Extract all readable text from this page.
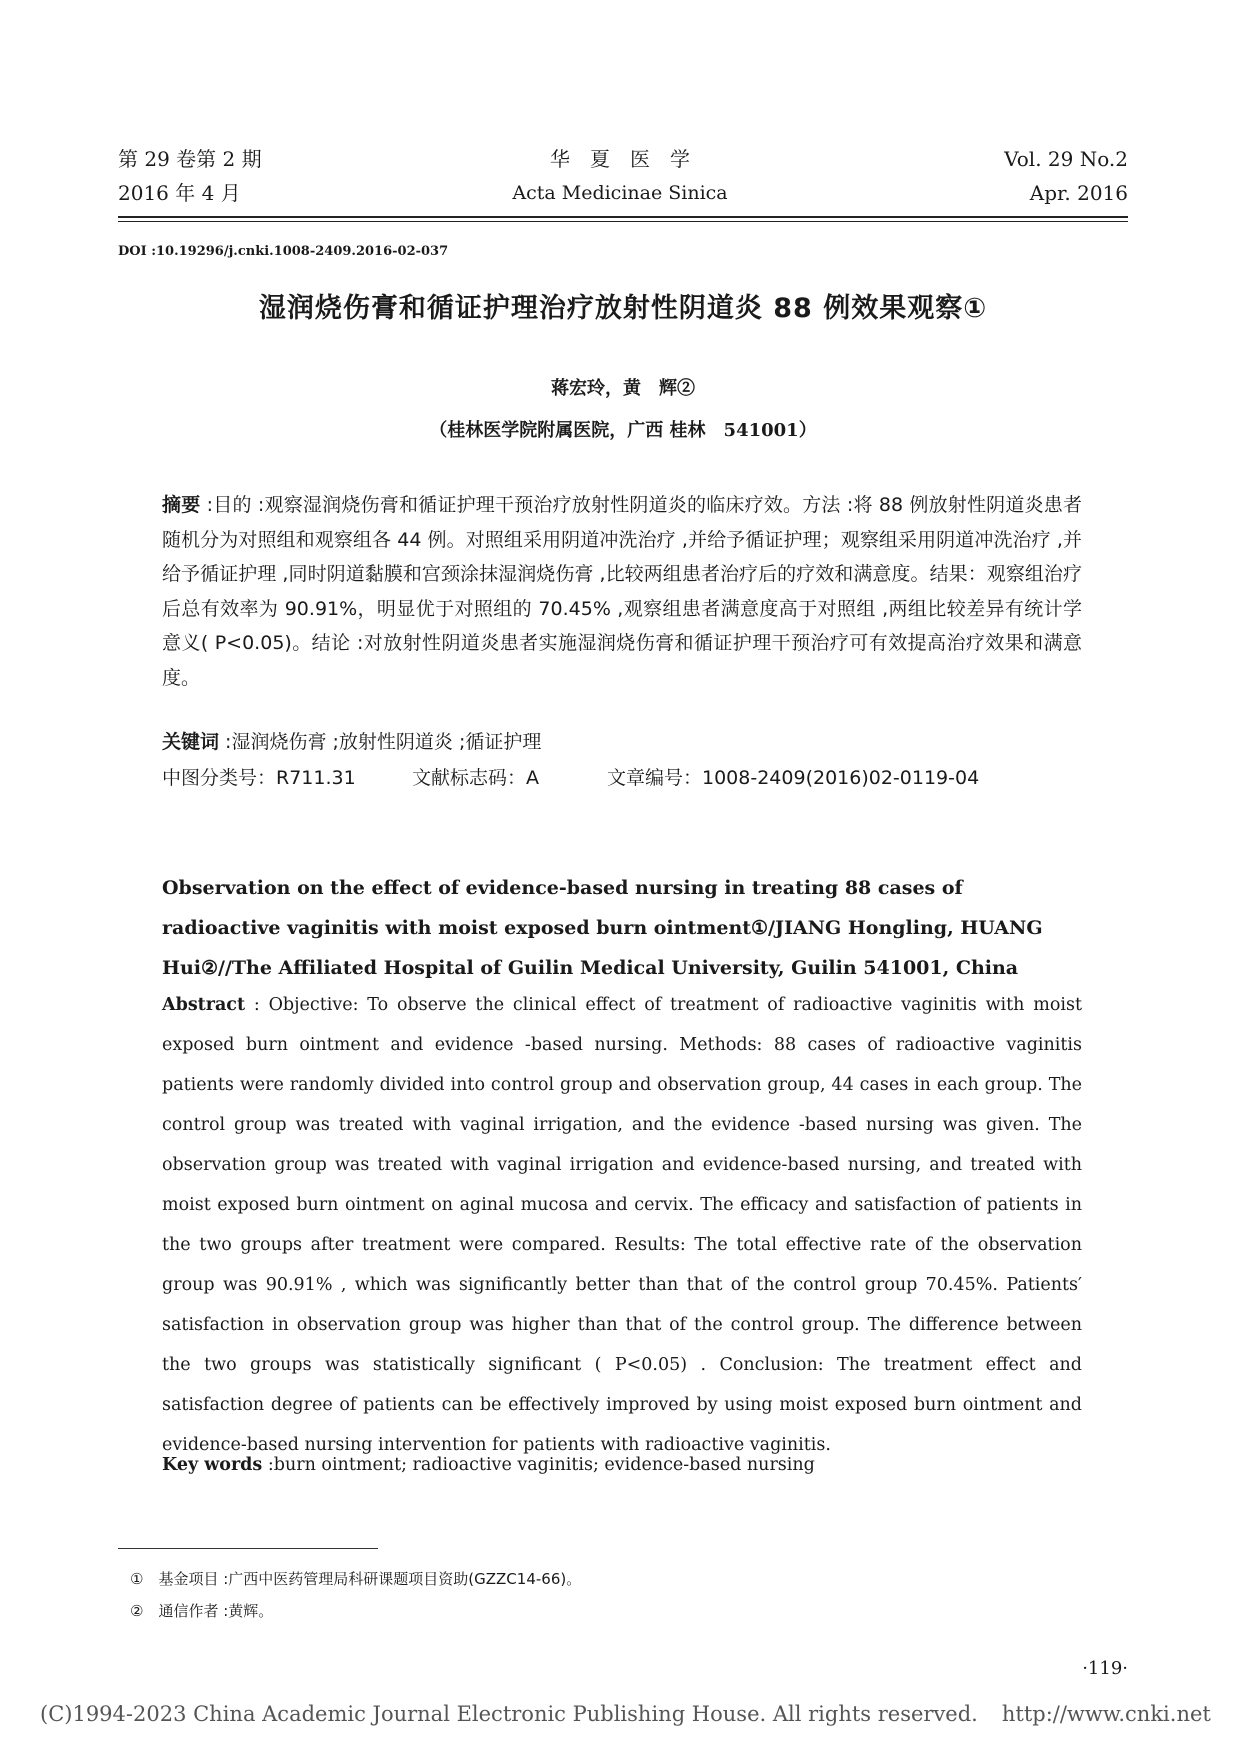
第 29 卷第 2 期	华　夏　医　学	Vol. 29 No.2
2016 年 4 月	Acta Medicinae Sinica	Apr. 2016
DOI :10.19296/j.cnki.1008-2409.2016-02-037
湿润烧伤膏和循证护理治疗放射性阴道炎 88 例效果观察①
蒋宏玲，黄　辉②
（桂林医学院附属医院，广西 桂林　541001）
摘要 :目的 :观察湿润烧伤膏和循证护理干预治疗放射性阴道炎的临床疗效。方法 :将 88 例放射性阴道炎患者随机分为对照组和观察组各 44 例。对照组采用阴道冲洗治疗 ,并给予循证护理；观察组采用阴道冲洗治疗 ,并给予循证护理 ,同时阴道黏膜和宫颈涂抹湿润烧伤膏 ,比较两组患者治疗后的疗效和满意度。结果：观察组治疗后总有效率为 90.91%，明显优于对照组的 70.45% ,观察组患者满意度高于对照组 ,两组比较差异有统计学意义( P<0.05)。结论 :对放射性阴道炎患者实施湿润烧伤膏和循证护理干预治疗可有效提高治疗效果和满意度。
关键词 :湿润烧伤膏 ;放射性阴道炎 ;循证护理
中图分类号：R711.31	文献标志码：A	文章编号：1008-2409(2016)02-0119-04
Observation on the effect of evidence-based nursing in treating 88 cases of radioactive vaginitis with moist exposed burn ointment①/JIANG Hongling, HUANG Hui②//The Affiliated Hospital of Guilin Medical University, Guilin 541001, China
Abstract : Objective: To observe the clinical effect of treatment of radioactive vaginitis with moist exposed burn ointment and evidence -based nursing. Methods: 88 cases of radioactive vaginitis patients were randomly divided into control group and observation group, 44 cases in each group. The control group was treated with vaginal irrigation, and the evidence -based nursing was given. The observation group was treated with vaginal irrigation and evidence-based nursing, and treated with moist exposed burn ointment on aginal mucosa and cervix. The efficacy and satisfaction of patients in the two groups after treatment were compared. Results: The total effective rate of the observation group was 90.91% , which was significantly better than that of the control group 70.45%. Patients′ satisfaction in observation group was higher than that of the control group. The difference between the two groups was statistically significant ( P<0.05) . Conclusion: The treatment effect and satisfaction degree of patients can be effectively improved by using moist exposed burn ointment and evidence-based nursing intervention for patients with radioactive vaginitis.
Key words :burn ointment; radioactive vaginitis; evidence-based nursing
①　基金项目 :广西中医药管理局科研课题项目资助(GZZC14-66)。
②　通信作者 :黄辉。
·119·
(C)1994-2023 China Academic Journal Electronic Publishing House. All rights reserved. http://www.cnki.net
